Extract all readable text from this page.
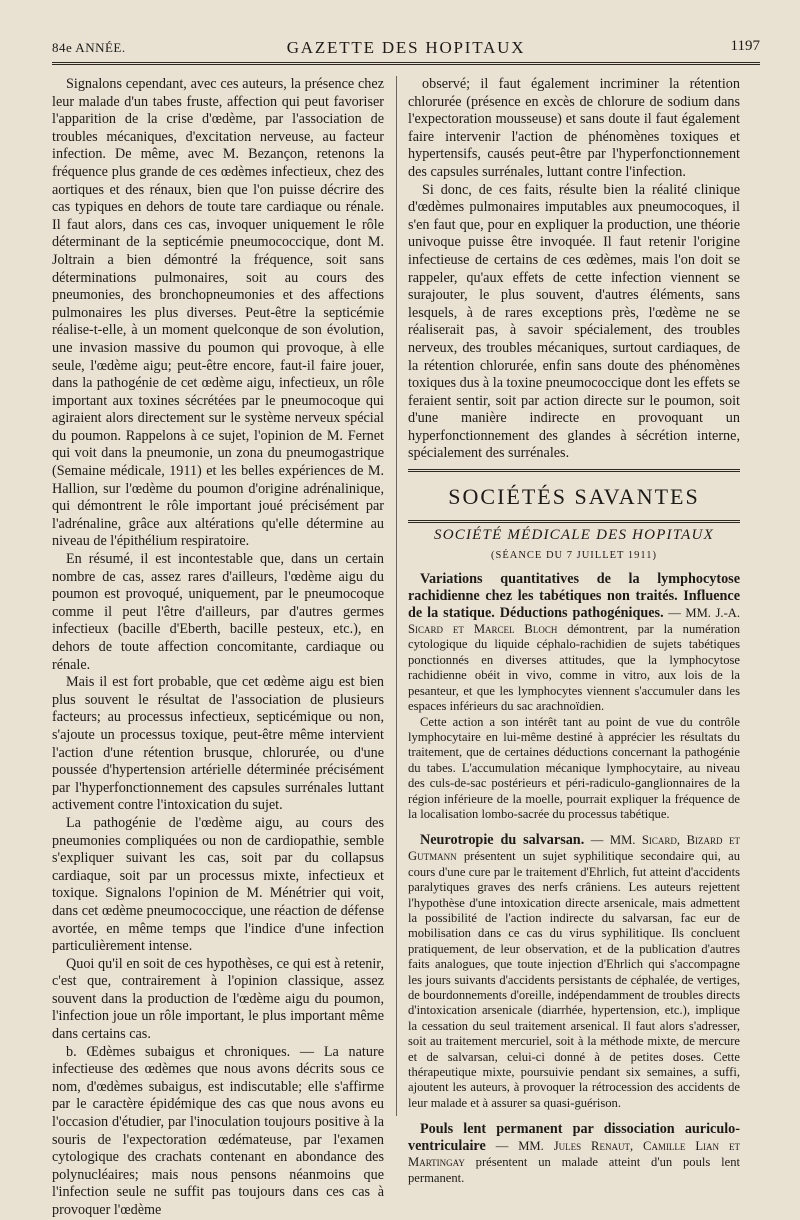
84e ANNÉE.	GAZETTE DES HOPITAUX	1197

Signalons cependant, avec ces auteurs, la présence chez leur malade d'un tabes fruste, affection qui peut favoriser l'apparition de la crise d'œdème, par l'association de troubles mécaniques, d'excitation nerveuse, au facteur infection. De même, avec M. Bezançon, retenons la fréquence plus grande de ces œdèmes infectieux, chez des aortiques et des rénaux, bien que l'on puisse décrire des cas typiques en dehors de toute tare cardiaque ou rénale. Il faut alors, dans ces cas, invoquer uniquement le rôle déterminant de la septicémie pneumococcique, dont M. Joltrain a bien démontré la fréquence, soit sans déterminations pulmonaires, soit au cours des pneumonies, des bronchopneumonies et des affections pulmonaires les plus diverses. Peut-être la septicémie réalise-t-elle, à un moment quelconque de son évolution, une invasion massive du poumon qui provoque, à elle seule, l'œdème aigu; peut-être encore, faut-il faire jouer, dans la pathogénie de cet œdème aigu, infectieux, un rôle important aux toxines sécrétées par le pneumocoque qui agiraient alors directement sur le système nerveux spécial du poumon. Rappelons à ce sujet, l'opinion de M. Fernet qui voit dans la pneumonie, un zona du pneumogastrique (Semaine médicale, 1911) et les belles expériences de M. Hallion, sur l'œdème du poumon d'origine adrénalinique, qui démontrent le rôle important joué précisément par l'adrénaline, grâce aux altérations qu'elle détermine au niveau de l'épithélium respiratoire.

En résumé, il est incontestable que, dans un certain nombre de cas, assez rares d'ailleurs, l'œdème aigu du poumon est provoqué, uniquement, par le pneumocoque comme il peut l'être d'ailleurs, par d'autres germes infectieux (bacille d'Eberth, bacille pesteux, etc.), en dehors de toute affection concomitante, cardiaque ou rénale.

Mais il est fort probable, que cet œdème aigu est bien plus souvent le résultat de l'association de plusieurs facteurs; au processus infectieux, septicémique ou non, s'ajoute un processus toxique, peut-être même intervient l'action d'une rétention brusque, chlorurée, ou d'une poussée d'hypertension artérielle déterminée précisément par l'hyperfonctionnement des capsules surrénales luttant activement contre l'intoxication du sujet.

La pathogénie de l'œdème aigu, au cours des pneumonies compliquées ou non de cardiopathie, semble s'expliquer suivant les cas, soit par du collapsus cardiaque, soit par un processus mixte, infectieux et toxique. Signalons l'opinion de M. Ménétrier qui voit, dans cet œdème pneumococcique, une réaction de défense avortée, en même temps que l'indice d'une infection particulièrement intense.

Quoi qu'il en soit de ces hypothèses, ce qui est à retenir, c'est que, contrairement à l'opinion classique, assez souvent dans la production de l'œdème aigu du poumon, l'infection joue un rôle important, le plus important même dans certains cas.

b. Œdèmes subaigus et chroniques. — La nature infectieuse des œdèmes que nous avons décrits sous ce nom, d'œdèmes subaigus, est indiscutable; elle s'affirme par le caractère épidémique des cas que nous avons eu l'occasion d'étudier, par l'inoculation toujours positive à la souris de l'expectoration œdémateuse, par l'examen cytologique des crachats contenant en abondance des polynucléaires; mais nous pensons néanmoins que l'infection seule ne suffit pas toujours dans ces cas à provoquer l'œdème

observé; il faut également incriminer la rétention chlorurée (présence en excès de chlorure de sodium dans l'expectoration mousseuse) et sans doute il faut également faire intervenir l'action de phénomènes toxiques et hypertensifs, causés peut-être par l'hyperfonctionnement des capsules surrénales, luttant contre l'infection.

Si donc, de ces faits, résulte bien la réalité clinique d'œdèmes pulmonaires imputables aux pneumocoques, il s'en faut que, pour en expliquer la production, une théorie univoque puisse être invoquée. Il faut retenir l'origine infectieuse de certains de ces œdèmes, mais l'on doit se rappeler, qu'aux effets de cette infection viennent se surajouter, le plus souvent, d'autres éléments, sans lesquels, à de rares exceptions près, l'œdème ne se réaliserait pas, à savoir spécialement, des troubles nerveux, des troubles mécaniques, surtout cardiaques, de la rétention chlorurée, enfin sans doute des phénomènes toxiques dus à la toxine pneumococcique dont les effets se feraient sentir, soit par action directe sur le poumon, soit d'une manière indirecte en provoquant un hyperfonctionnement des glandes à sécrétion interne, spécialement des surrénales.

SOCIÉTÉS SAVANTES
SOCIÉTÉ MÉDICALE DES HOPITAUX
(SÉANCE DU 7 JUILLET 1911)

Variations quantitatives de la lymphocytose rachidienne chez les tabétiques non traités. Influence de la statique. Déductions pathogéniques. — MM. J.-A. Sicard et Marcel Bloch démontrent, par la numération cytologique du liquide céphalo-rachidien de sujets tabétiques ponctionnés en diverses attitudes, que la lymphocytose rachidienne obéit in vivo, comme in vitro, aux lois de la pesanteur, et que les lymphocytes viennent s'accumuler dans les espaces inférieurs du sac arachnoïdien.

Cette action a son intérêt tant au point de vue du contrôle lymphocytaire en lui-même destiné à apprécier les résultats du traitement, que de certaines déductions concernant la pathogénie du tabes. L'accumulation mécanique lymphocytaire, au niveau des culs-de-sac postérieurs et péri-radiculo-ganglionnaires de la région inférieure de la moelle, pourrait expliquer la fréquence de la localisation lombo-sacrée du processus tabétique.

Neurotropie du salvarsan. — MM. Sicard, Bizard et Gutmann présentent un sujet syphilitique secondaire qui, au cours d'une cure par le traitement d'Ehrlich, fut atteint d'accidents paralytiques graves des nerfs crâniens. Les auteurs rejettent l'hypothèse d'une intoxication directe arsenicale, mais admettent la possibilité de l'action indirecte du salvarsan, fac eur de mobilisation dans ce cas du virus syphilitique. Ils concluent pratiquement, de leur observation, et de la publication d'autres faits analogues, que toute injection d'Ehrlich qui s'accompagne les jours suivants d'accidents persistants de céphalée, de vertiges, de bourdonnements d'oreille, indépendamment de troubles directs d'intoxication arsenicale (diarrhée, hypertension, etc.), implique la cessation du seul traitement arsenical. Il faut alors s'adresser, soit au traitement mercuriel, soit à la méthode mixte, de mercure et de salvarsan, celui-ci donné à de petites doses. Cette thérapeutique mixte, poursuivie pendant six semaines, a suffi, ajoutent les auteurs, à provoquer la rétrocession des accidents de leur malade et à assurer sa quasi-guérison.

Pouls lent permanent par dissociation auriculo-ventriculaire — MM. Jules Renaut, Camille Lian et Martingay présentent un malade atteint d'un pouls lent permanent.
